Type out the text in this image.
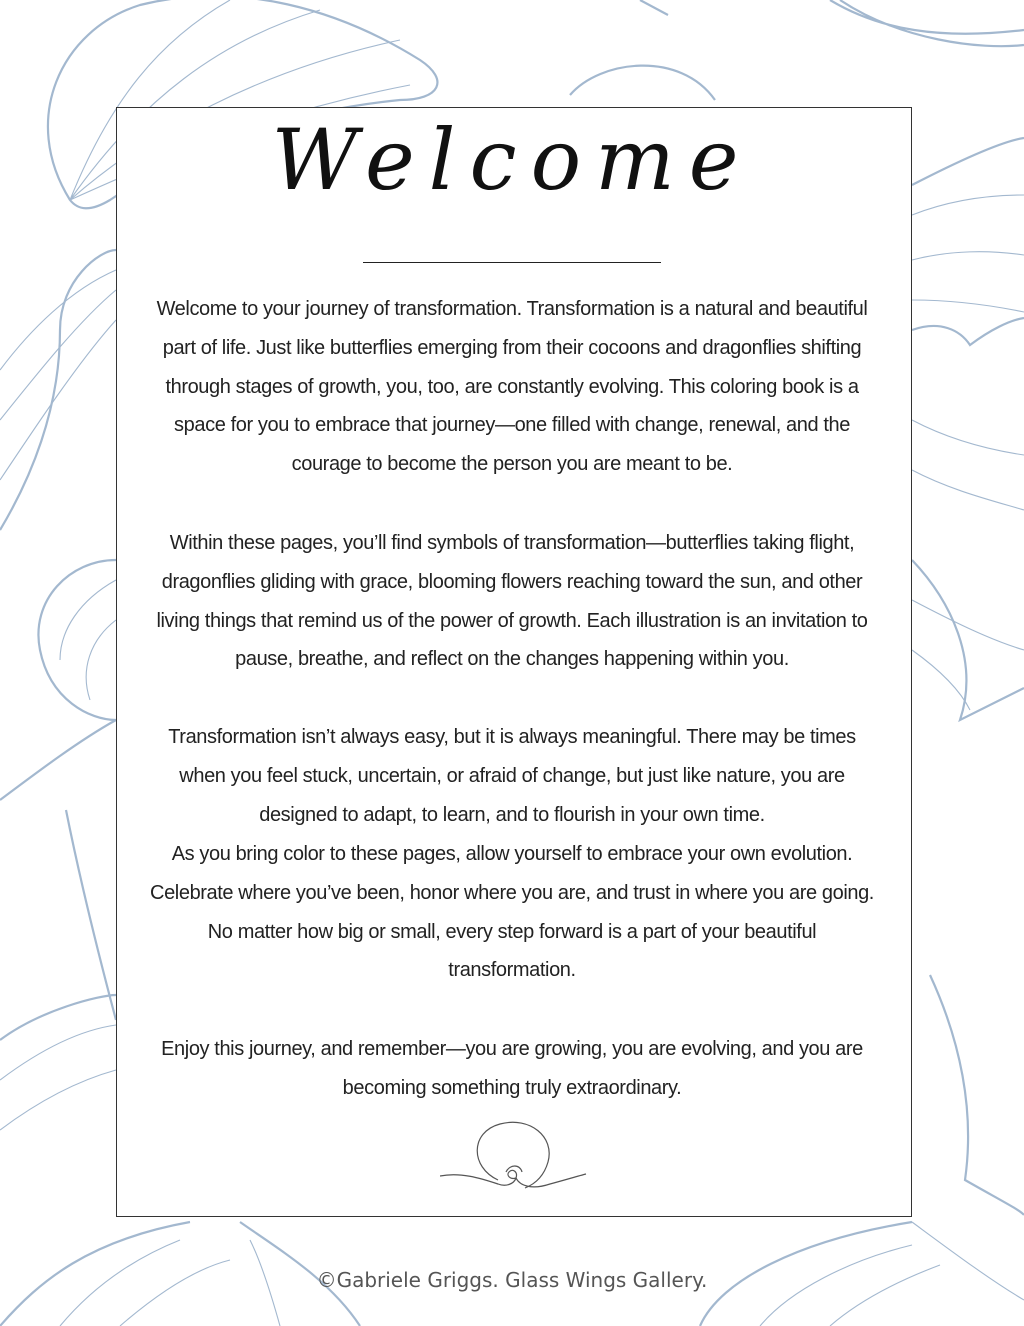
Welcome

Welcome to your journey of transformation. Transformation is a natural and beautiful part of life. Just like butterflies emerging from their cocoons and dragonflies shifting through stages of growth, you, too, are constantly evolving. This coloring book is a space for you to embrace that journey—one filled with change, renewal, and the courage to become the person you are meant to be.

Within these pages, you’ll find symbols of transformation—butterflies taking flight, dragonflies gliding with grace, blooming flowers reaching toward the sun, and other living things that remind us of the power of growth. Each illustration is an invitation to pause, breathe, and reflect on the changes happening within you.

Transformation isn’t always easy, but it is always meaningful. There may be times when you feel stuck, uncertain, or afraid of change, but just like nature, you are designed to adapt, to learn, and to flourish in your own time.

As you bring color to these pages, allow yourself to embrace your own evolution. Celebrate where you’ve been, honor where you are, and trust in where you are going. No matter how big or small, every step forward is a part of your beautiful transformation.

Enjoy this journey, and remember—you are growing, you are evolving, and you are becoming something truly extraordinary.

©Gabriele Griggs. Glass Wings Gallery.
